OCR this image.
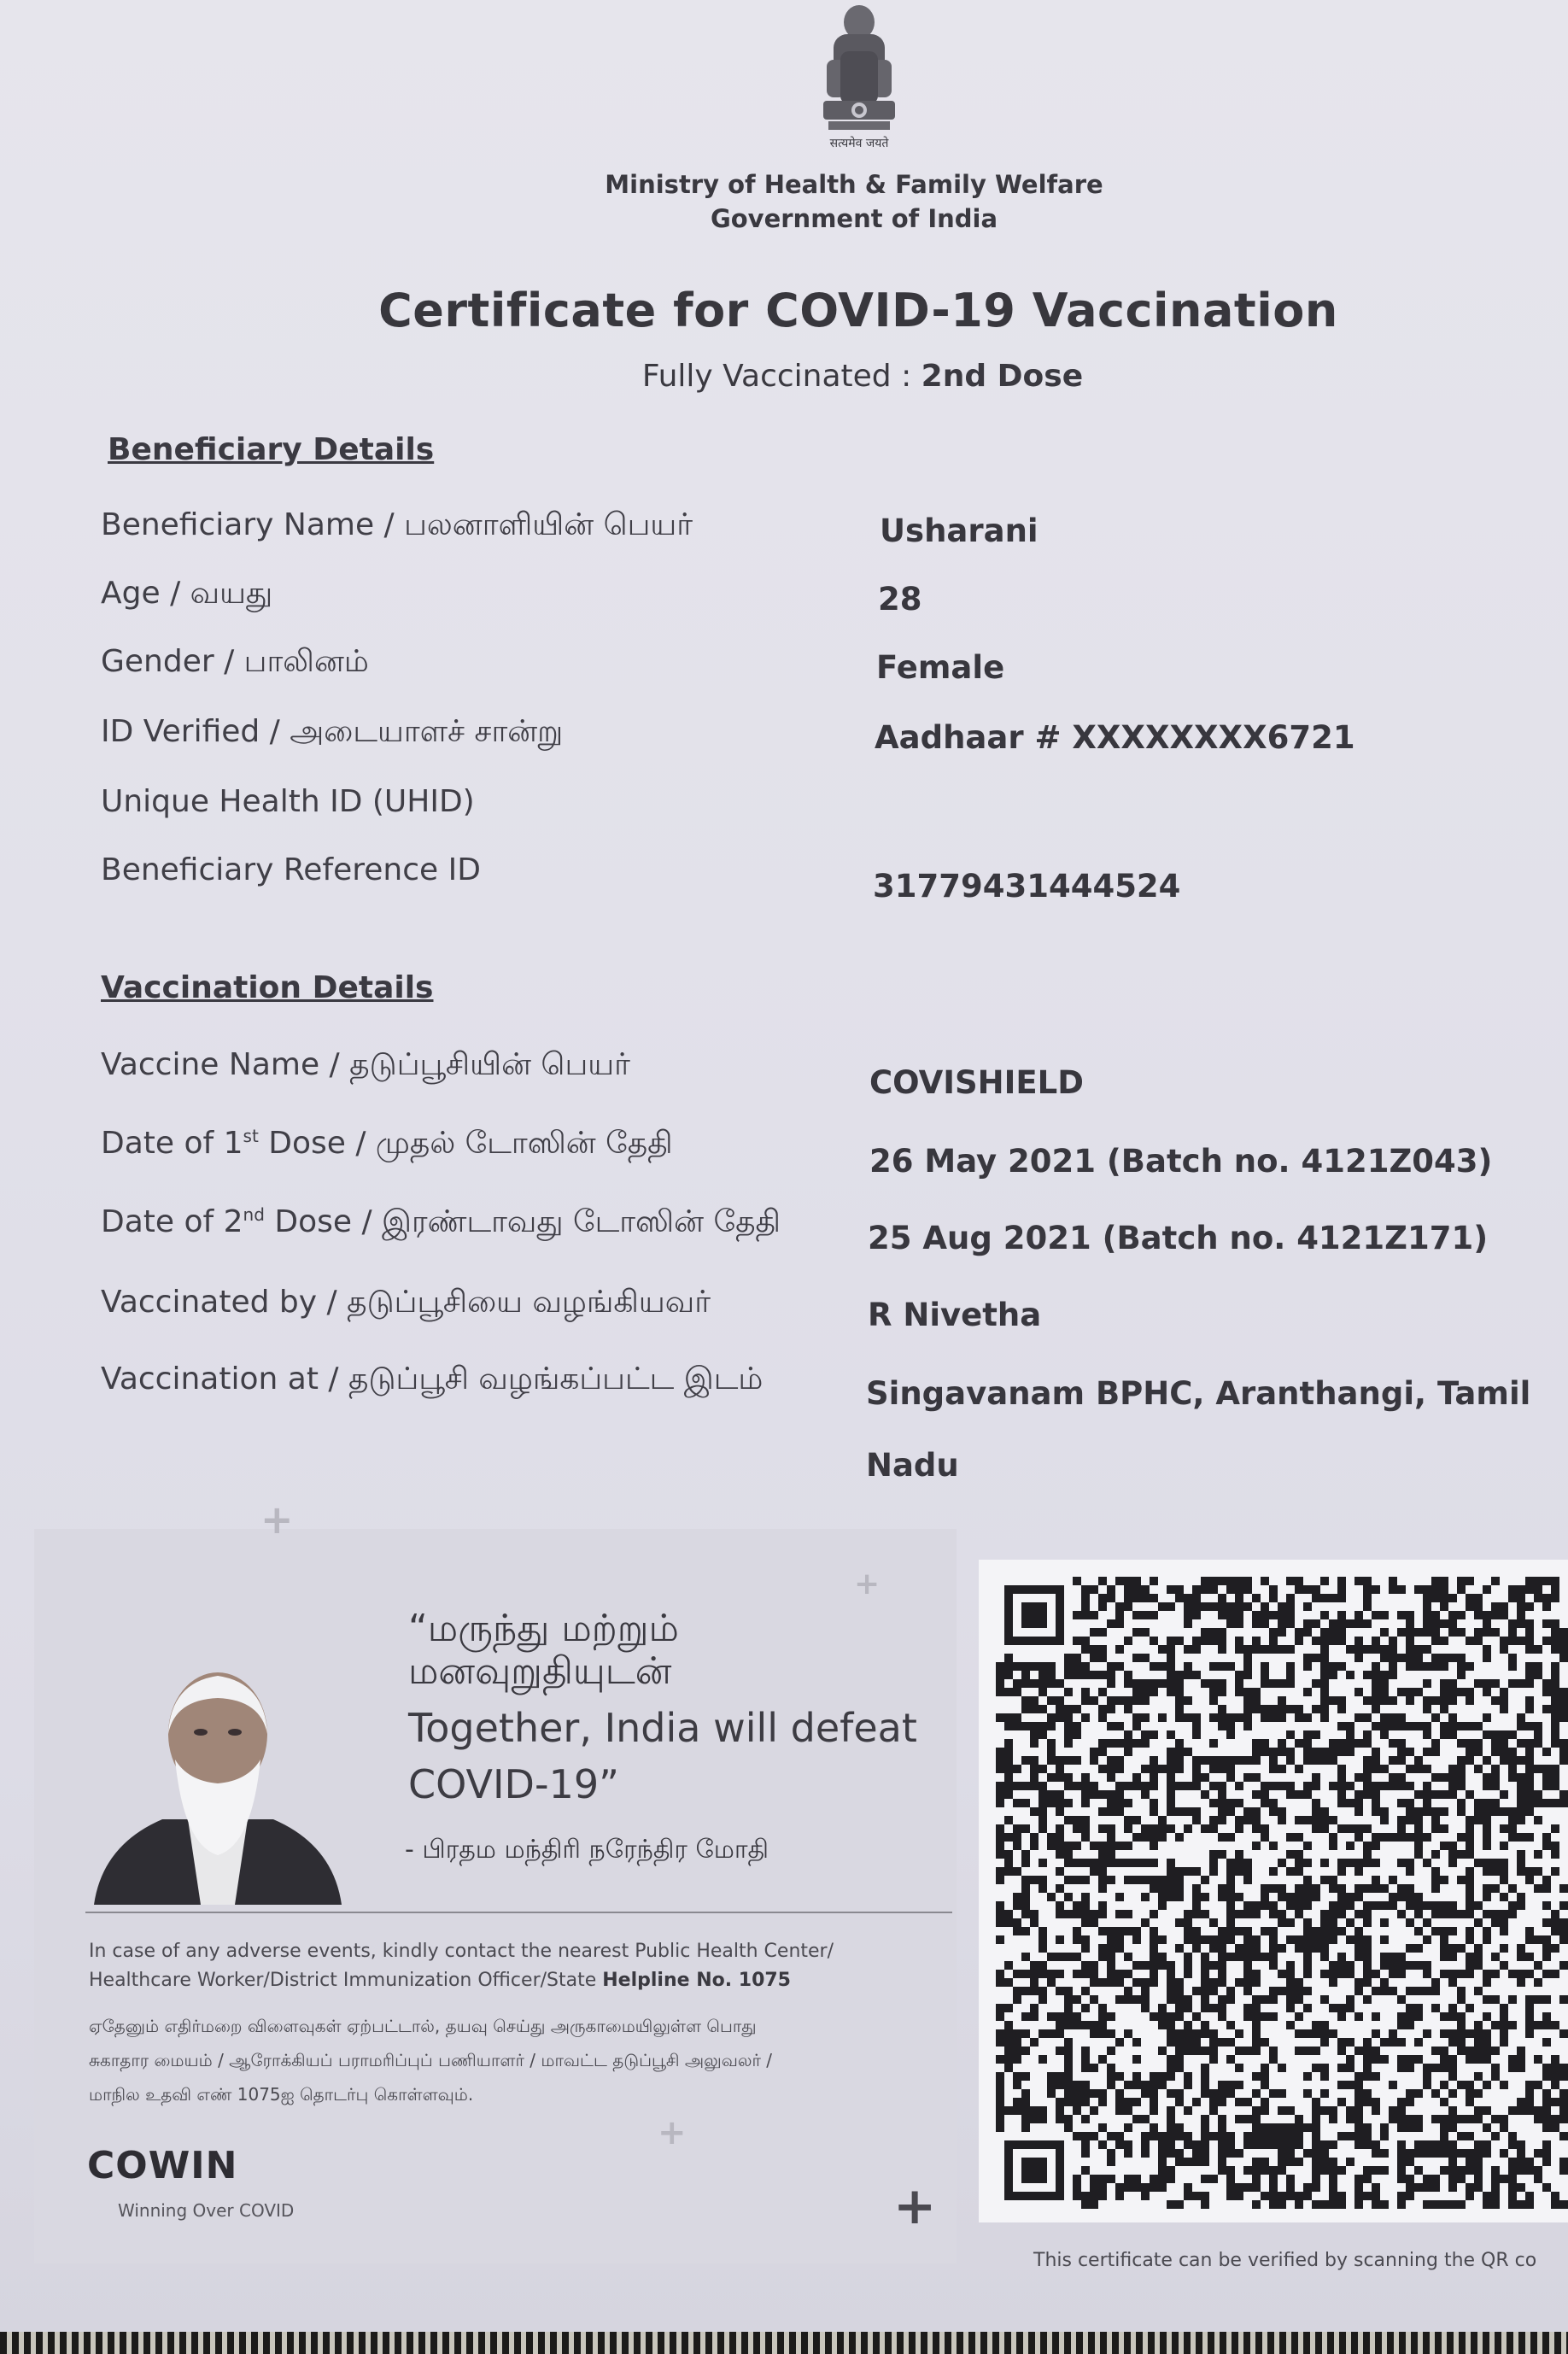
सत्यमेव जयते
Ministry of Health & Family Welfare
Government of India
Certificate for COVID-19 Vaccination
Fully Vaccinated : 2nd Dose
Beneficiary Details
Beneficiary Name / பலனாளியின் பெயர்	Usharani
Age / வயது	28
Gender / பாலினம்	Female
ID Verified / அடையாளச் சான்று	Aadhaar # XXXXXXXX6721
Unique Health ID (UHID)
Beneficiary Reference ID	31779431444524
Vaccination Details
Vaccine Name / தடுப்பூசியின் பெயர்	COVISHIELD
Date of 1st Dose / முதல் டோஸின் தேதி	26 May 2021 (Batch no. 4121Z043)
Date of 2nd Dose / இரண்டாவது டோஸின் தேதி	25 Aug 2021 (Batch no. 4121Z171)
Vaccinated by / தடுப்பூசியை வழங்கியவர்	R Nivetha
Vaccination at / தடுப்பூசி வழங்கப்பட்ட இடம்	Singavanam BPHC, Aranthangi, Tamil
Nadu
+
+
+
+
“மருந்து மற்றும்
மனவுறுதியுடன்
Together, India will defeat
COVID-19”
- பிரதம மந்திரி நரேந்திர மோதி
In case of any adverse events, kindly contact the nearest Public Health Center/
Healthcare Worker/District Immunization Officer/State Helpline No. 1075
ஏதேனும் எதிர்மறை விளைவுகள் ஏற்பட்டால், தயவு செய்து அருகாமையிலுள்ள பொது
சுகாதார மையம் / ஆரோக்கியப் பராமரிப்புப் பணியாளர் / மாவட்ட தடுப்பூசி அலுவலர் /
மாநில உதவி எண் 1075ஐ தொடர்பு கொள்ளவும்.
COWIN
Winning Over COVID
This certificate can be verified by scanning the QR co
